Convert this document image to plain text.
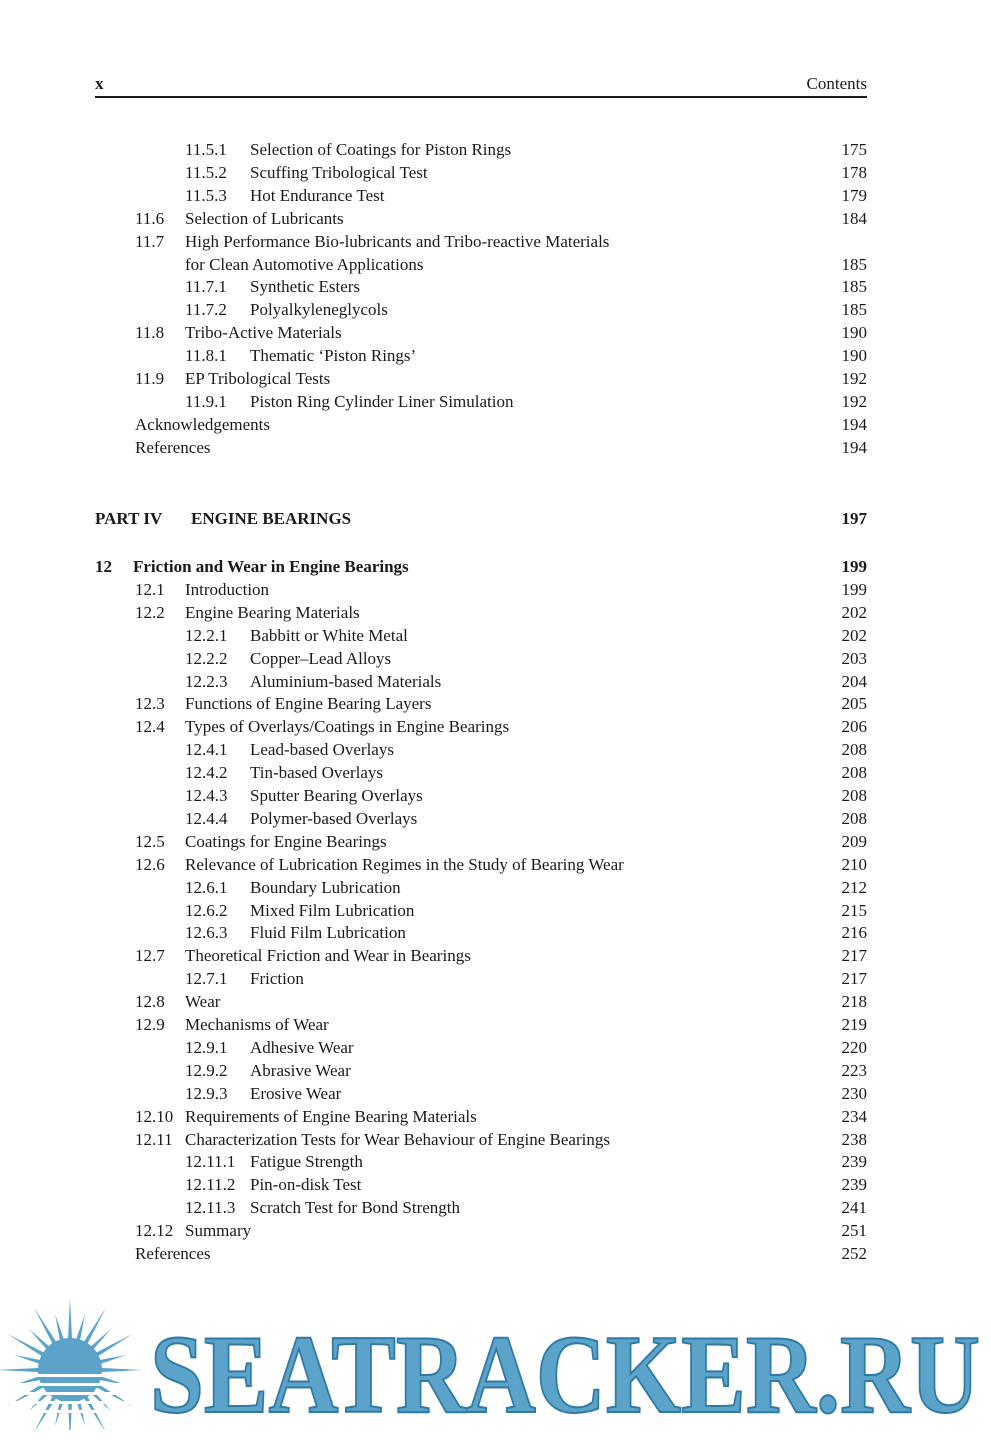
x	Contents
11.5.1 Selection of Coatings for Piston Rings	175
11.5.2 Scuffing Tribological Test	178
11.5.3 Hot Endurance Test	179
11.6 Selection of Lubricants	184
11.7 High Performance Bio-lubricants and Tribo-reactive Materials
for Clean Automotive Applications	185
11.7.1 Synthetic Esters	185
11.7.2 Polyalkyleneglycols	185
11.8 Tribo-Active Materials	190
11.8.1 Thematic ‘Piston Rings’	190
11.9 EP Tribological Tests	192
11.9.1 Piston Ring Cylinder Liner Simulation	192
Acknowledgements	194
References	194
PART IV ENGINE BEARINGS	197
12 Friction and Wear in Engine Bearings	199
12.1 Introduction	199
12.2 Engine Bearing Materials	202
12.2.1 Babbitt or White Metal	202
12.2.2 Copper–Lead Alloys	203
12.2.3 Aluminium-based Materials	204
12.3 Functions of Engine Bearing Layers	205
12.4 Types of Overlays/Coatings in Engine Bearings	206
12.4.1 Lead-based Overlays	208
12.4.2 Tin-based Overlays	208
12.4.3 Sputter Bearing Overlays	208
12.4.4 Polymer-based Overlays	208
12.5 Coatings for Engine Bearings	209
12.6 Relevance of Lubrication Regimes in the Study of Bearing Wear	210
12.6.1 Boundary Lubrication	212
12.6.2 Mixed Film Lubrication	215
12.6.3 Fluid Film Lubrication	216
12.7 Theoretical Friction and Wear in Bearings	217
12.7.1 Friction	217
12.8 Wear	218
12.9 Mechanisms of Wear	219
12.9.1 Adhesive Wear	220
12.9.2 Abrasive Wear	223
12.9.3 Erosive Wear	230
12.10 Requirements of Engine Bearing Materials	234
12.11 Characterization Tests for Wear Behaviour of Engine Bearings	238
12.11.1 Fatigue Strength	239
12.11.2 Pin-on-disk Test	239
12.11.3 Scratch Test for Bond Strength	241
12.12 Summary	251
References	252
SEATRACKER.RU
